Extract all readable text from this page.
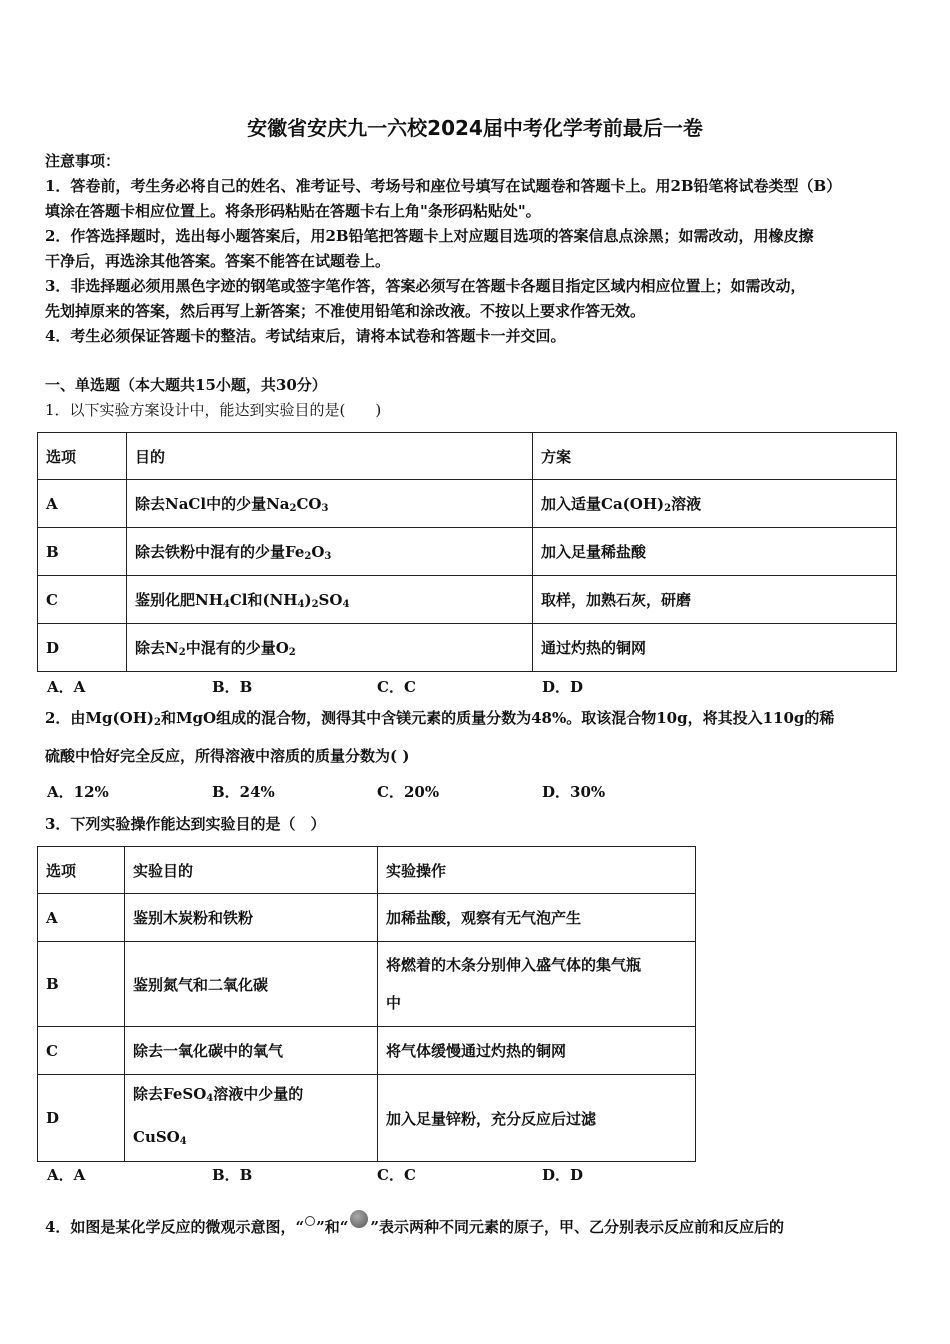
安徽省安庆九一六校2024届中考化学考前最后一卷
注意事项：
1．答卷前，考生务必将自己的姓名、准考证号、考场号和座位号填写在试题卷和答题卡上。用2B铅笔将试卷类型（B）
填涂在答题卡相应位置上。将条形码粘贴在答题卡右上角"条形码粘贴处"。
2．作答选择题时，选出每小题答案后，用2B铅笔把答题卡上对应题目选项的答案信息点涂黑；如需改动，用橡皮擦
干净后，再选涂其他答案。答案不能答在试题卷上。
3．非选择题必须用黑色字迹的钢笔或签字笔作答，答案必须写在答题卡各题目指定区域内相应位置上；如需改动，
先划掉原来的答案，然后再写上新答案；不准使用铅笔和涂改液。不按以上要求作答无效。
4．考生必须保证答题卡的整洁。考试结束后，请将本试卷和答题卡一并交回。
一、单选题（本大题共15小题，共30分）
1．以下实验方案设计中，能达到实验目的是(　　)
选项	目的	方案
A	除去NaCl中的少量$Na_2CO_3$	加入适量$Ca(OH)_2$溶液
B	除去铁粉中混有的少量$Fe_2O_3$	加入足量稀盐酸
C	鉴别化肥$NH_4Cl$和$(NH_4)_2SO_4$	取样，加熟石灰，研磨
D	除去$N_2$中混有的少量$O_2$	通过灼热的铜网
A．A	B．B	C．C	D．D
2．由$Mg(OH)_2$和MgO组成的混合物，测得其中含镁元素的质量分数为48%。取该混合物10g，将其投入110g的稀
硫酸中恰好完全反应，所得溶液中溶质的质量分数为( )
A．12%	B．24%	C．20%	D．30%
3．下列实验操作能达到实验目的是（　）
选项	实验目的	实验操作
A	鉴别木炭粉和铁粉	加稀盐酸，观察有无气泡产生
B	鉴别氮气和二氧化碳	将燃着的木条分别伸入盛气体的集气瓶
中
C	除去一氧化碳中的氧气	将气体缓慢通过灼热的铜网
D	除去FeSO$_4$溶液中少量的
CuSO$_4$	加入足量锌粉，充分反应后过滤
A．A	B．B	C．C	D．D
4．如图是某化学反应的微观示意图，“ ”和“ ”表示两种不同元素的原子，甲、乙分别表示反应前和反应后的
